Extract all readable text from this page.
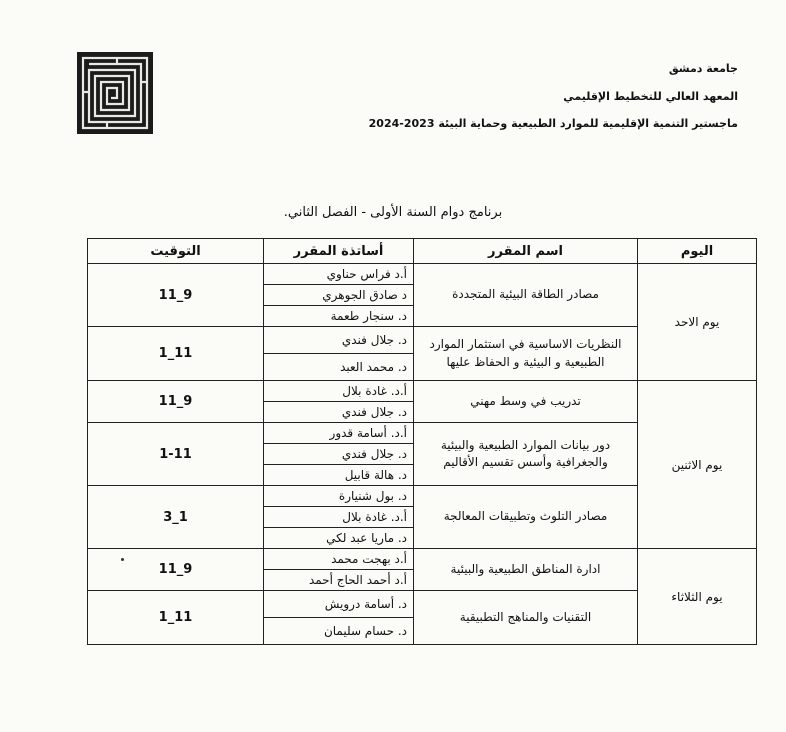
جامعة دمشق
المعهد العالي للتخطيط الإقليمي
ماجستير التنمية الإقليمية للموارد الطبيعية وحماية البيئة 2023-2024
برنامج دوام السنة الأولى - الفصل الثاني.
اليوم	اسم المقرر	أساتذة المقرر	التوقيت
يوم الاحد	مصادر الطاقة البيئية المتجددة	أ.د فراس حناوي	11_9
		د صادق الجوهري	
		د. سنجار طعمة	
	النظريات الاساسية في استثمار الموارد الطبيعية و البيئية و الحفاظ عليها	د. جلال فندي	1_11
		د. محمد العبد	
يوم الاثنين	تدريب في وسط مهني	أ.د. غادة بلال	11_9
		د. جلال فندي	
	دور بيانات الموارد الطبيعية والبيئية والجغرافية وأسس تقسيم الأقاليم	أ.د. أسامة قدور	1-11
		د. جلال فندي	
		د. هالة قابيل	
	مصادر التلوث وتطبيقات المعالجة	د. بول شنيارة	3_1
		أ.د. غادة بلال	
		د. ماريا عبد لكي	
يوم الثلاثاء	ادارة المناطق الطبيعية والبيئية	أ.د بهجت محمد	11_9
		أ.د أحمد الحاج أحمد	
	التقنيات والمناهج التطبيقية	د. أسامة درويش	1_11
		د. حسام سليمان	
